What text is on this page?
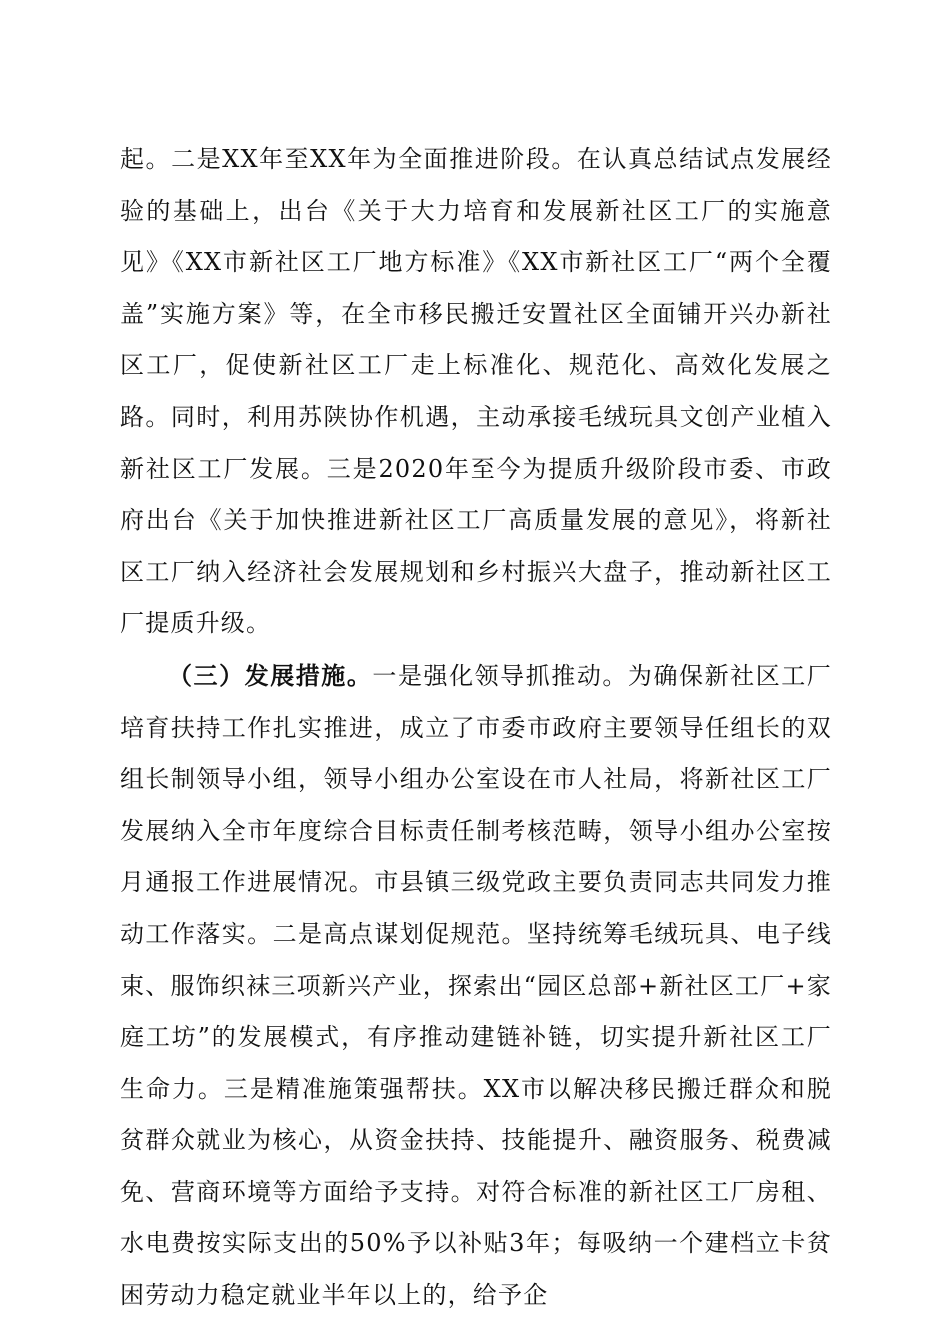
起。二是XX年至XX年为全面推进阶段。在认真总结试点发展经验的基础上，出台《关于大力培育和发展新社区工厂的实施意见》《XX市新社区工厂地方标准》《XX市新社区工厂“两个全覆盖”实施方案》等，在全市移民搬迁安置社区全面铺开兴办新社区工厂，促使新社区工厂走上标准化、规范化、高效化发展之路。同时，利用苏陕协作机遇，主动承接毛绒玩具文创产业植入新社区工厂发展。三是2020年至今为提质升级阶段市委、市政府出台《关于加快推进新社区工厂高质量发展的意见》，将新社区工厂纳入经济社会发展规划和乡村振兴大盘子，推动新社区工厂提质升级。

（三）发展措施。一是强化领导抓推动。为确保新社区工厂培育扶持工作扎实推进，成立了市委市政府主要领导任组长的双组长制领导小组，领导小组办公室设在市人社局，将新社区工厂发展纳入全市年度综合目标责任制考核范畴，领导小组办公室按月通报工作进展情况。市县镇三级党政主要负责同志共同发力推动工作落实。二是高点谋划促规范。坚持统筹毛绒玩具、电子线束、服饰织袜三项新兴产业，探索出“园区总部+新社区工厂+家庭工坊”的发展模式，有序推动建链补链，切实提升新社区工厂生命力。三是精准施策强帮扶。XX市以解决移民搬迁群众和脱贫群众就业为核心，从资金扶持、技能提升、融资服务、税费减免、营商环境等方面给予支持。对符合标准的新社区工厂房租、水电费按实际支出的50%予以补贴3年；每吸纳一个建档立卡贫困劳动力稳定就业半年以上的，给予企
